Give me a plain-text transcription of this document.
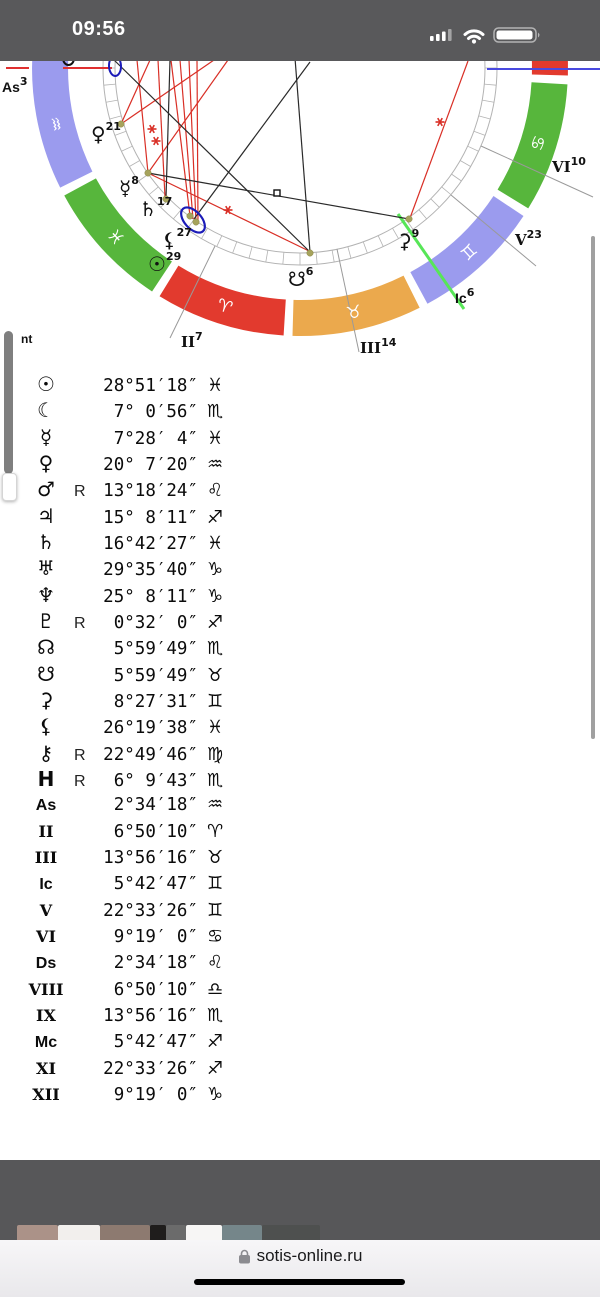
09:56
♒
♓
♈	♉
♊
♋
♀$^{21}$
☿$^8$
♄$^{17}$
⚸$^{27}$
☉$^{29}$
☋$^6$
⚳$^9$
As$^3$
$II^7$
III$^{14}$
Ic$^6$
$V^{23}$
VI$^{10}$
nt
☉	28°51′18″ ♓
☾	7° 0′56″ ♏
☿	7°28′ 4″ ♓
♀	20° 7′20″ ♒
♂	R	13°18′24″ ♌
♃	15° 8′11″ ♐
♄	16°42′27″ ♓
♅	29°35′40″ ♑
♆	25° 8′11″ ♑
♇	R	0°32′ 0″ ♐
☊	5°59′49″ ♏
☋	5°59′49″ ♉
⚳	8°27′31″ ♊
⚸	26°19′38″ ♓
⚷	R	22°49′46″ ♍
H	R	6° 9′43″ ♏
As	2°34′18″ ♒
II	6°50′10″ ♈
III	13°56′16″ ♉
Ic	5°42′47″ ♊
V	22°33′26″ ♊
VI	9°19′ 0″ ♋
Ds	2°34′18″ ♌
VIII	6°50′10″ ♎
IX	13°56′16″ ♏
Mc	5°42′47″ ♐
XI	22°33′26″ ♐
XII	9°19′ 0″ ♑
sotis-online.ru
